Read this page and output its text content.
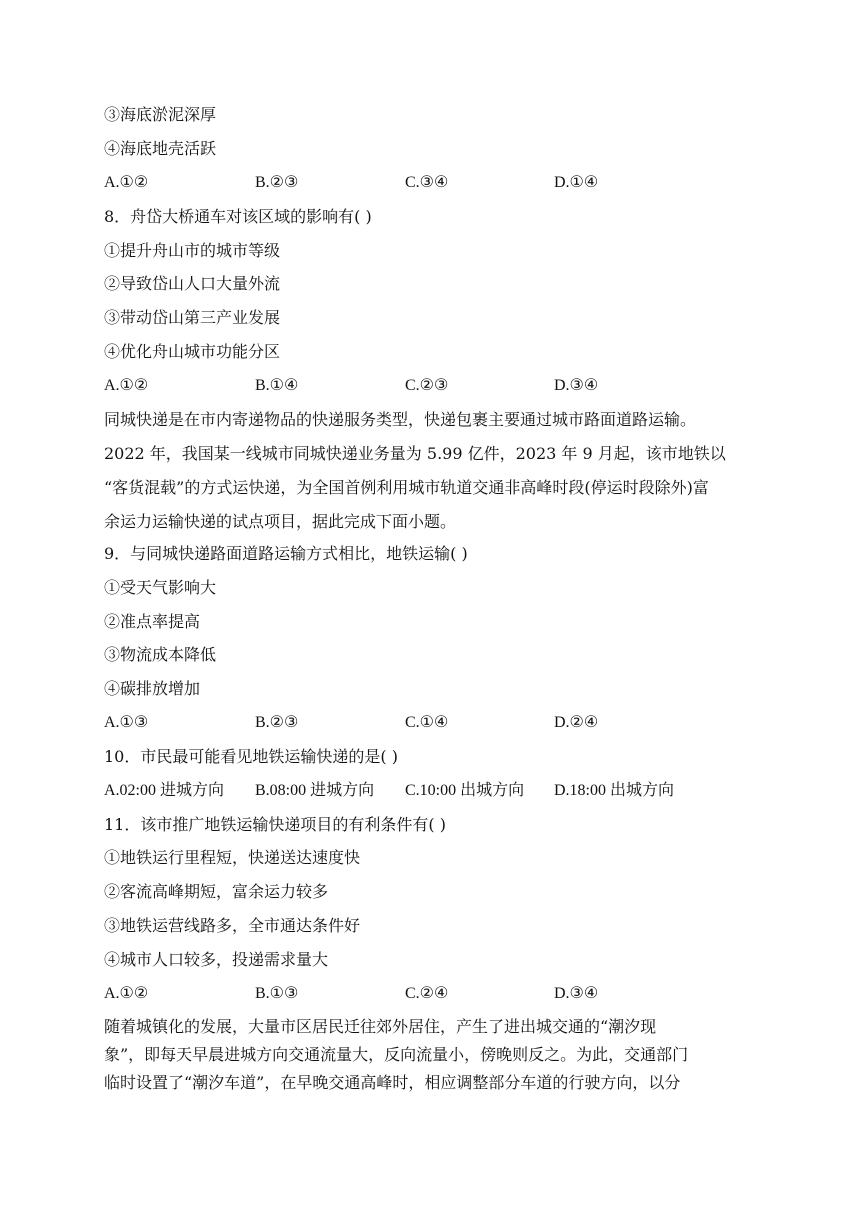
③海底淤泥深厚
④海底地壳活跃
A.①②	B.②③	C.③④	D.①④
8．舟岱大桥通车对该区域的影响有( )
①提升舟山市的城市等级
②导致岱山人口大量外流
③带动岱山第三产业发展
④优化舟山城市功能分区
A.①②	B.①④	C.②③	D.③④
同城快递是在市内寄递物品的快递服务类型，快递包裹主要通过城市路面道路运输。
2022 年，我国某一线城市同城快递业务量为 5.99 亿件，2023 年 9 月起，该市地铁以
“客货混载”的方式运快递，为全国首例利用城市轨道交通非高峰时段(停运时段除外)富
余运力运输快递的试点项目，据此完成下面小题。
9．与同城快递路面道路运输方式相比，地铁运输( )
①受天气影响大
②准点率提高
③物流成本降低
④碳排放增加
A.①③	B.②③	C.①④	D.②④
10．市民最可能看见地铁运输快递的是( )
A.02:00 进城方向 B.08:00 进城方向 C.10:00 出城方向 D.18:00 出城方向
11．该市推广地铁运输快递项目的有利条件有( )
①地铁运行里程短，快递送达速度快
②客流高峰期短，富余运力较多
③地铁运营线路多，全市通达条件好
④城市人口较多，投递需求量大
A.①②	B.①③	C.②④	D.③④
随着城镇化的发展，大量市区居民迁往郊外居住，产生了进出城交通的“潮汐现
象”，即每天早晨进城方向交通流量大，反向流量小，傍晚则反之。为此，交通部门
临时设置了“潮汐车道”，在早晚交通高峰时，相应调整部分车道的行驶方向，以分
